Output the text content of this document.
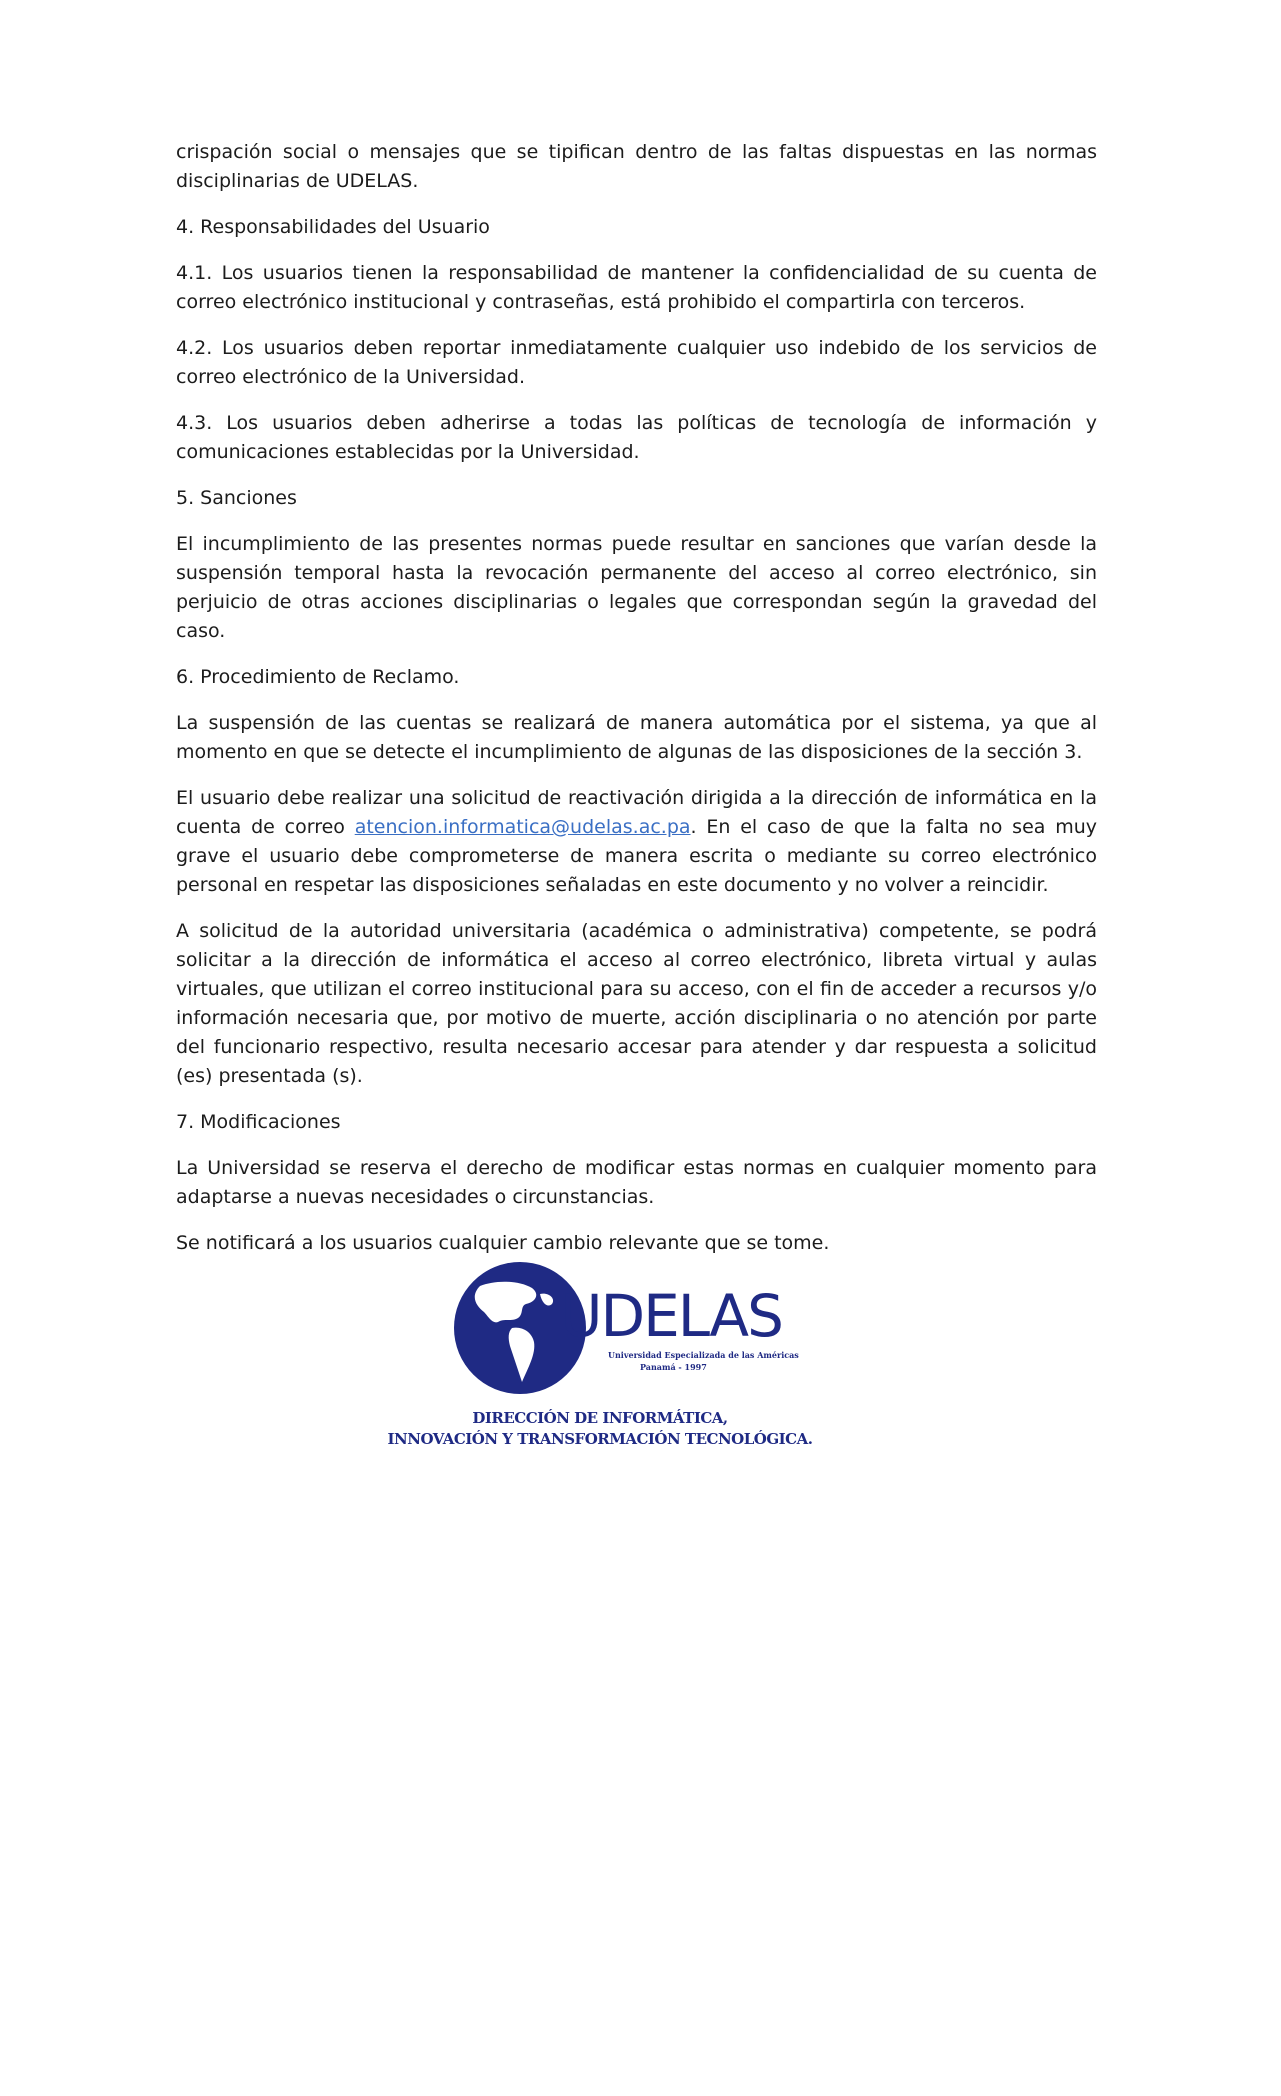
crispación social o mensajes que se tipifican dentro de las faltas dispuestas en las normas disciplinarias de UDELAS.

4. Responsabilidades del Usuario

4.1. Los usuarios tienen la responsabilidad de mantener la confidencialidad de su cuenta de correo electrónico institucional y contraseñas, está prohibido el compartirla con terceros.

4.2. Los usuarios deben reportar inmediatamente cualquier uso indebido de los servicios de correo electrónico de la Universidad.

4.3. Los usuarios deben adherirse a todas las políticas de tecnología de información y comunicaciones establecidas por la Universidad.

5. Sanciones

El incumplimiento de las presentes normas puede resultar en sanciones que varían desde la suspensión temporal hasta la revocación permanente del acceso al correo electrónico, sin perjuicio de otras acciones disciplinarias o legales que correspondan según la gravedad del caso.

6. Procedimiento de Reclamo.

La suspensión de las cuentas se realizará de manera automática por el sistema, ya que al momento en que se detecte el incumplimiento de algunas de las disposiciones de la sección 3.

El usuario debe realizar una solicitud de reactivación dirigida a la dirección de informática en la cuenta de correo atencion.informatica@udelas.ac.pa. En el caso de que la falta no sea muy grave el usuario debe comprometerse de manera escrita o mediante su correo electrónico personal en respetar las disposiciones señaladas en este documento y no volver a reincidir.

A solicitud de la autoridad universitaria (académica o administrativa) competente, se podrá solicitar a la dirección de informática el acceso al correo electrónico, libreta virtual y aulas virtuales, que utilizan el correo institucional para su acceso, con el fin de acceder a recursos y/o información necesaria que, por motivo de muerte, acción disciplinaria o no atención por parte del funcionario respectivo, resulta necesario accesar para atender y dar respuesta a solicitud (es) presentada (s).

7. Modificaciones

La Universidad se reserva el derecho de modificar estas normas en cualquier momento para adaptarse a nuevas necesidades o circunstancias.

Se notificará a los usuarios cualquier cambio relevante que se tome.

UDELAS
Universidad Especializada de las Américas
Panamá - 1997
DIRECCIÓN DE INFORMÁTICA,
INNOVACIÓN Y TRANSFORMACIÓN TECNOLÓGICA.
